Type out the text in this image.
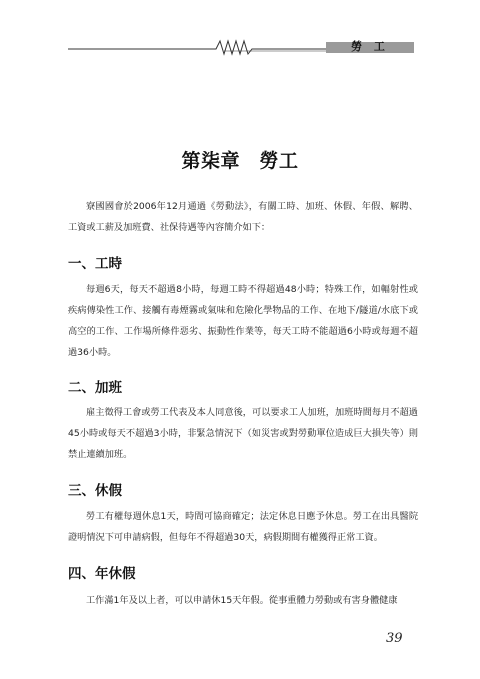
勞 工
第柒章　勞工

寮國國會於2006年12月通過《勞動法》，有關工時、加班、休假、年假、解聘、工資或工薪及加班費、社保待遇等內容簡介如下：

一、工時

每週6天，每天不超過8小時，每週工時不得超過48小時；特殊工作，如輻射性或疾病傳染性工作、接觸有毒煙霧或氣味和危險化學物品的工作、在地下/隧道/水底下或高空的工作、工作場所條件惡劣、振動性作業等，每天工時不能超過6小時或每週不超過36小時。

二、加班

雇主徵得工會或勞工代表及本人同意後，可以要求工人加班，加班時間每月不超過45小時或每天不超過3小時，非緊急情況下（如災害或對勞動單位造成巨大損失等）則禁止連續加班。

三、休假

勞工有權每週休息1天，時間可協商確定；法定休息日應予休息。勞工在出具醫院證明情況下可申請病假，但每年不得超過30天，病假期間有權獲得正常工資。

四、年休假

工作滿1年及以上者，可以申請休15天年假。從事重體力勞動或有害身體健康

39
